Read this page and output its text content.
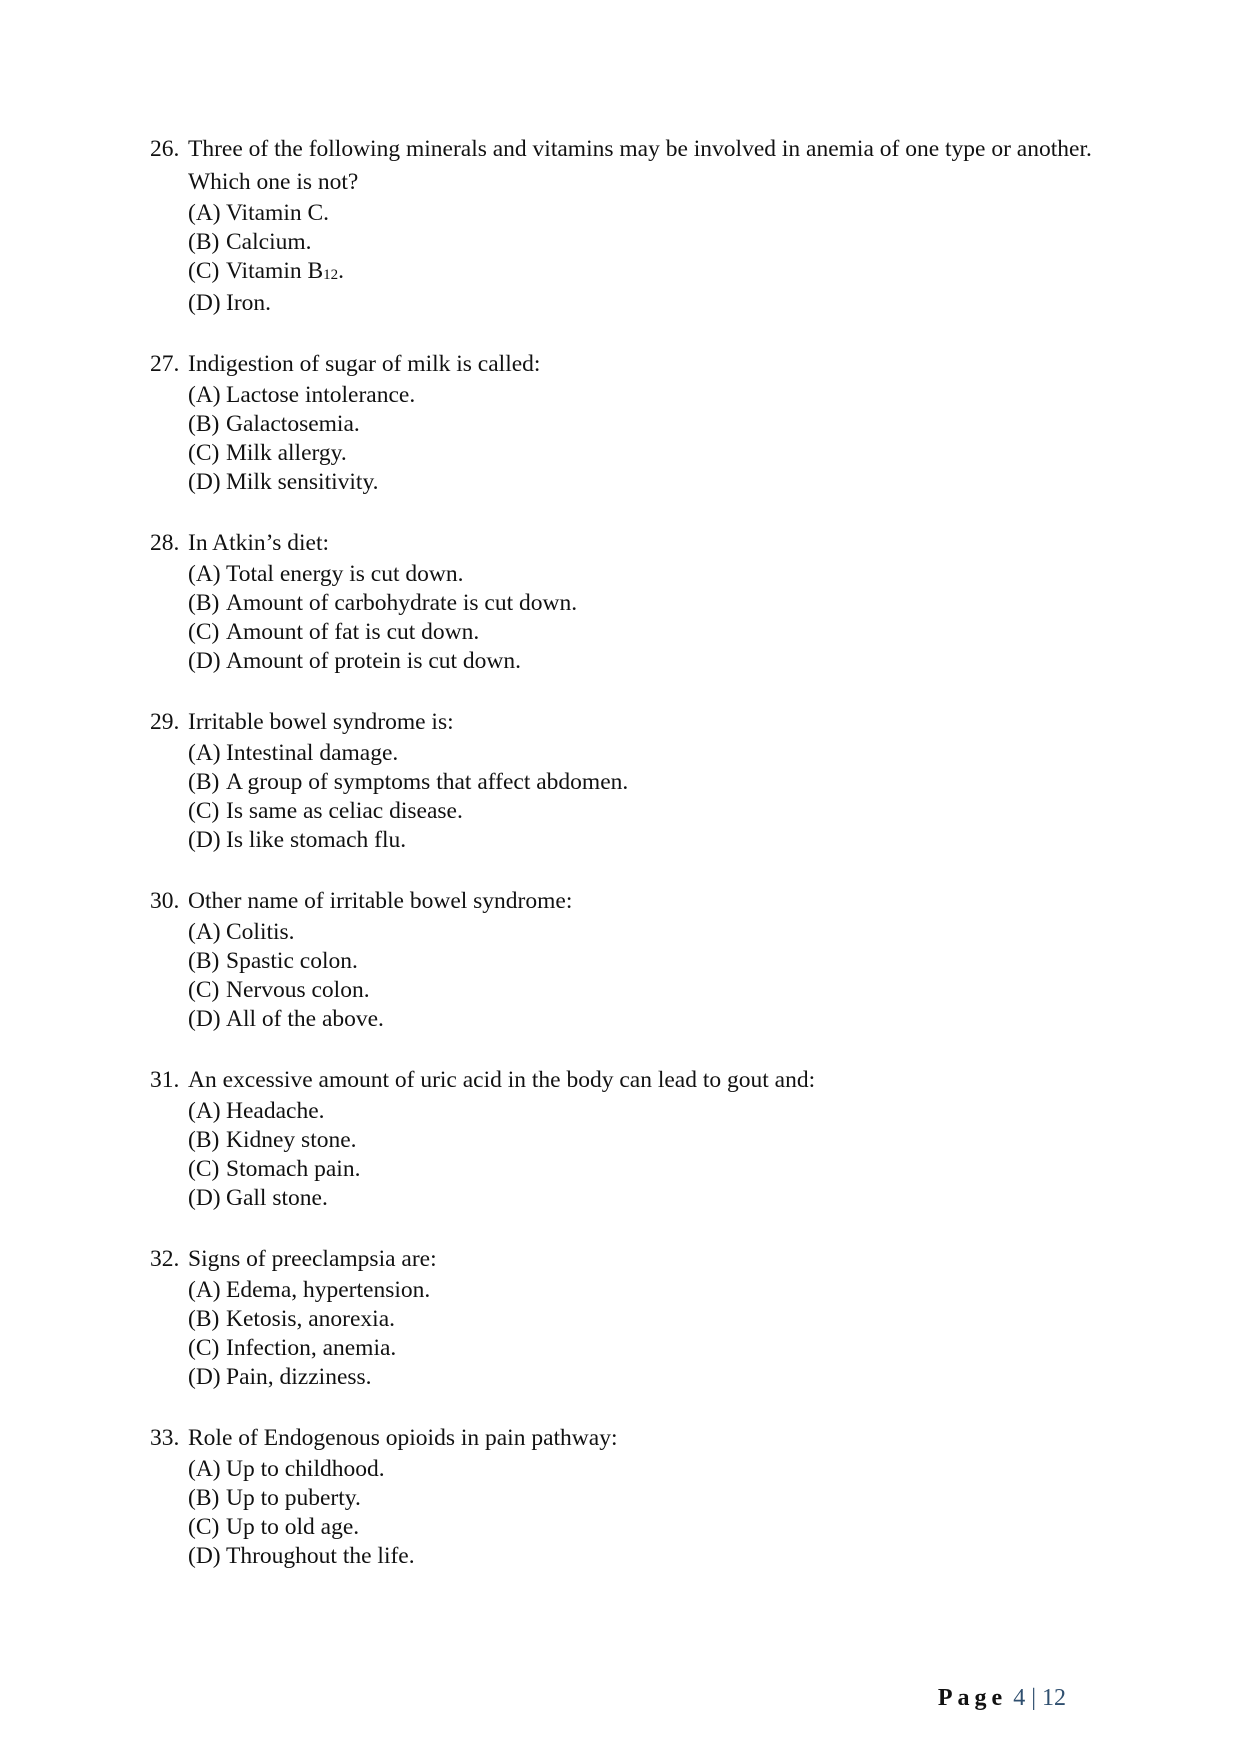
26. Three of the following minerals and vitamins may be involved in anemia of one type or another. Which one is not?
(A) Vitamin C.
(B) Calcium.
(C) Vitamin $B_{12}$.
(D) Iron.
27. Indigestion of sugar of milk is called:
(A) Lactose intolerance.
(B) Galactosemia.
(C) Milk allergy.
(D) Milk sensitivity.
28. In Atkin’s diet:
(A) Total energy is cut down.
(B) Amount of carbohydrate is cut down.
(C) Amount of fat is cut down.
(D) Amount of protein is cut down.
29. Irritable bowel syndrome is:
(A) Intestinal damage.
(B) A group of symptoms that affect abdomen.
(C) Is same as celiac disease.
(D) Is like stomach flu.
30. Other name of irritable bowel syndrome:
(A) Colitis.
(B) Spastic colon.
(C) Nervous colon.
(D) All of the above.
31. An excessive amount of uric acid in the body can lead to gout and:
(A) Headache.
(B) Kidney stone.
(C) Stomach pain.
(D) Gall stone.
32. Signs of preeclampsia are:
(A) Edema, hypertension.
(B) Ketosis, anorexia.
(C) Infection, anemia.
(D) Pain, dizziness.
33. Role of Endogenous opioids in pain pathway:
(A) Up to childhood.
(B) Up to puberty.
(C) Up to old age.
(D) Throughout the life.
Page 4 | 12
